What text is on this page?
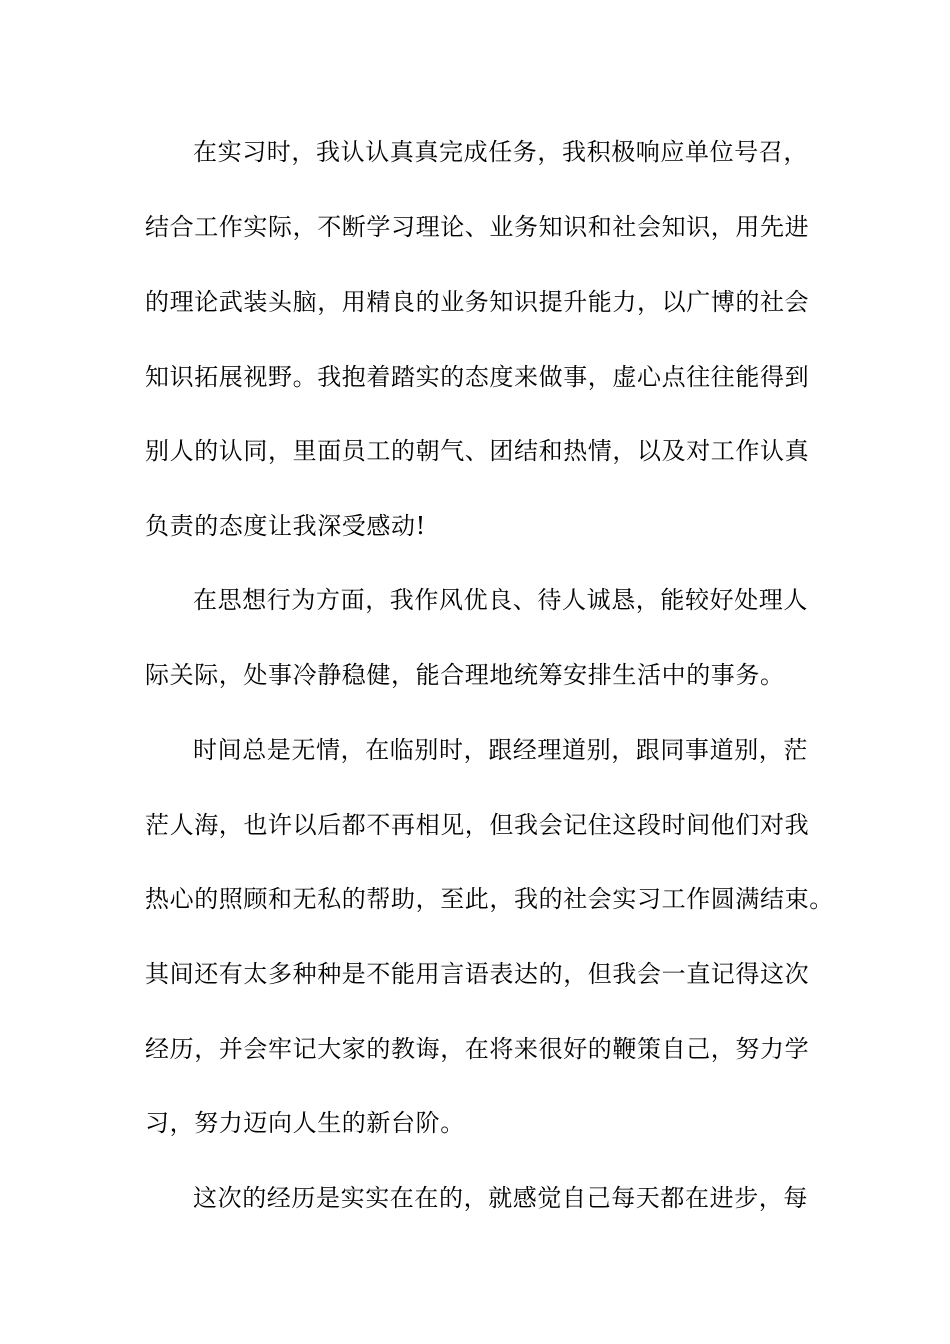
在实习时，我认认真真完成任务，我积极响应单位号召，
结合工作实际，不断学习理论、业务知识和社会知识，用先进
的理论武装头脑，用精良的业务知识提升能力，以广博的社会
知识拓展视野。我抱着踏实的态度来做事，虚心点往往能得到
别人的认同，里面员工的朝气、团结和热情，以及对工作认真
负责的态度让我深受感动!
在思想行为方面，我作风优良、待人诚恳，能较好处理人
际关际，处事冷静稳健，能合理地统筹安排生活中的事务。
时间总是无情，在临别时，跟经理道别，跟同事道别，茫
茫人海，也许以后都不再相见，但我会记住这段时间他们对我
热心的照顾和无私的帮助，至此，我的社会实习工作圆满结束。
其间还有太多种种是不能用言语表达的，但我会一直记得这次
经历，并会牢记大家的教诲，在将来很好的鞭策自己，努力学
习，努力迈向人生的新台阶。
这次的经历是实实在在的，就感觉自己每天都在进步，每
